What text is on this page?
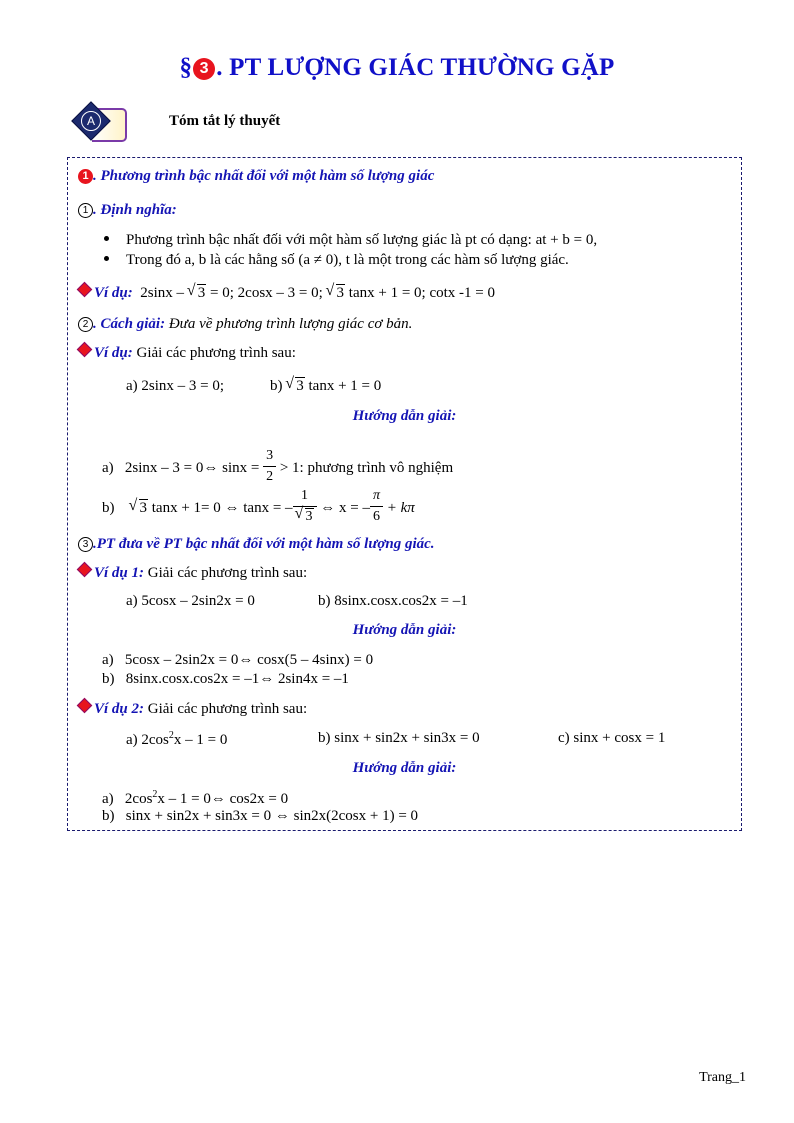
§ 3 . PT LƯỢNG GIÁC THƯỜNG GẶP
A	Tóm tắt lý thuyết
1 . Phương trình bậc nhất đối với một hàm số lượng giác
1 . Định nghĩa:
Phương trình bậc nhất đối với một hàm số lượng giác là pt có dạng: at + b = 0,
Trong đó a, b là các hằng số (a ≠ 0), t là một trong các hàm số lượng giác.
Ví dụ: 2sinx – √ 3 = 0; 2cosx – 3 = 0; √ 3 tanx + 1 = 0; cotx -1 = 0
2 . Cách giải: Đưa về phương trình lượng giác cơ bản.
Ví dụ: Giải các phương trình sau:
a) 2sinx – 3 = 0;	b) √ 3 tanx + 1 = 0
Hướng dẫn giải:
a) 2sinx – 3 = 0⇔ $\sin x = \frac{3}{2} > 1$: phương trình vô nghiệm
b)    √ 3 tanx + 1= 0 ⇔ tanx = – 1
√ 3 ⇔ x = – $\frac{\pi}{6} + k\pi$
3 .PT đưa về PT bậc nhất đối với một hàm số lượng giác.
Ví dụ 1: Giải các phương trình sau:
a) 5cosx – 2sin2x = 0	b) 8sinx.cosx.cos2x = –1
Hướng dẫn giải:
a) 5cosx – 2sin2x = 0⇔ cosx(5 – 4sinx) = 0
b) 8sinx.cosx.cos2x = –1⇔ 2sin4x = –1
Ví dụ 2: Giải các phương trình sau:
a) $2\cos^2x - 1 = 0$	b) sinx + sin2x + sin3x = 0	c) sinx + cosx = 1
Hướng dẫn giải:
a) $2\cos^2x - 1$ = 0⇔ cos2x = 0
b) sinx + sin2x + sin3x = 0 ⇔ sin2x(2cosx + 1) = 0
Trang_1
